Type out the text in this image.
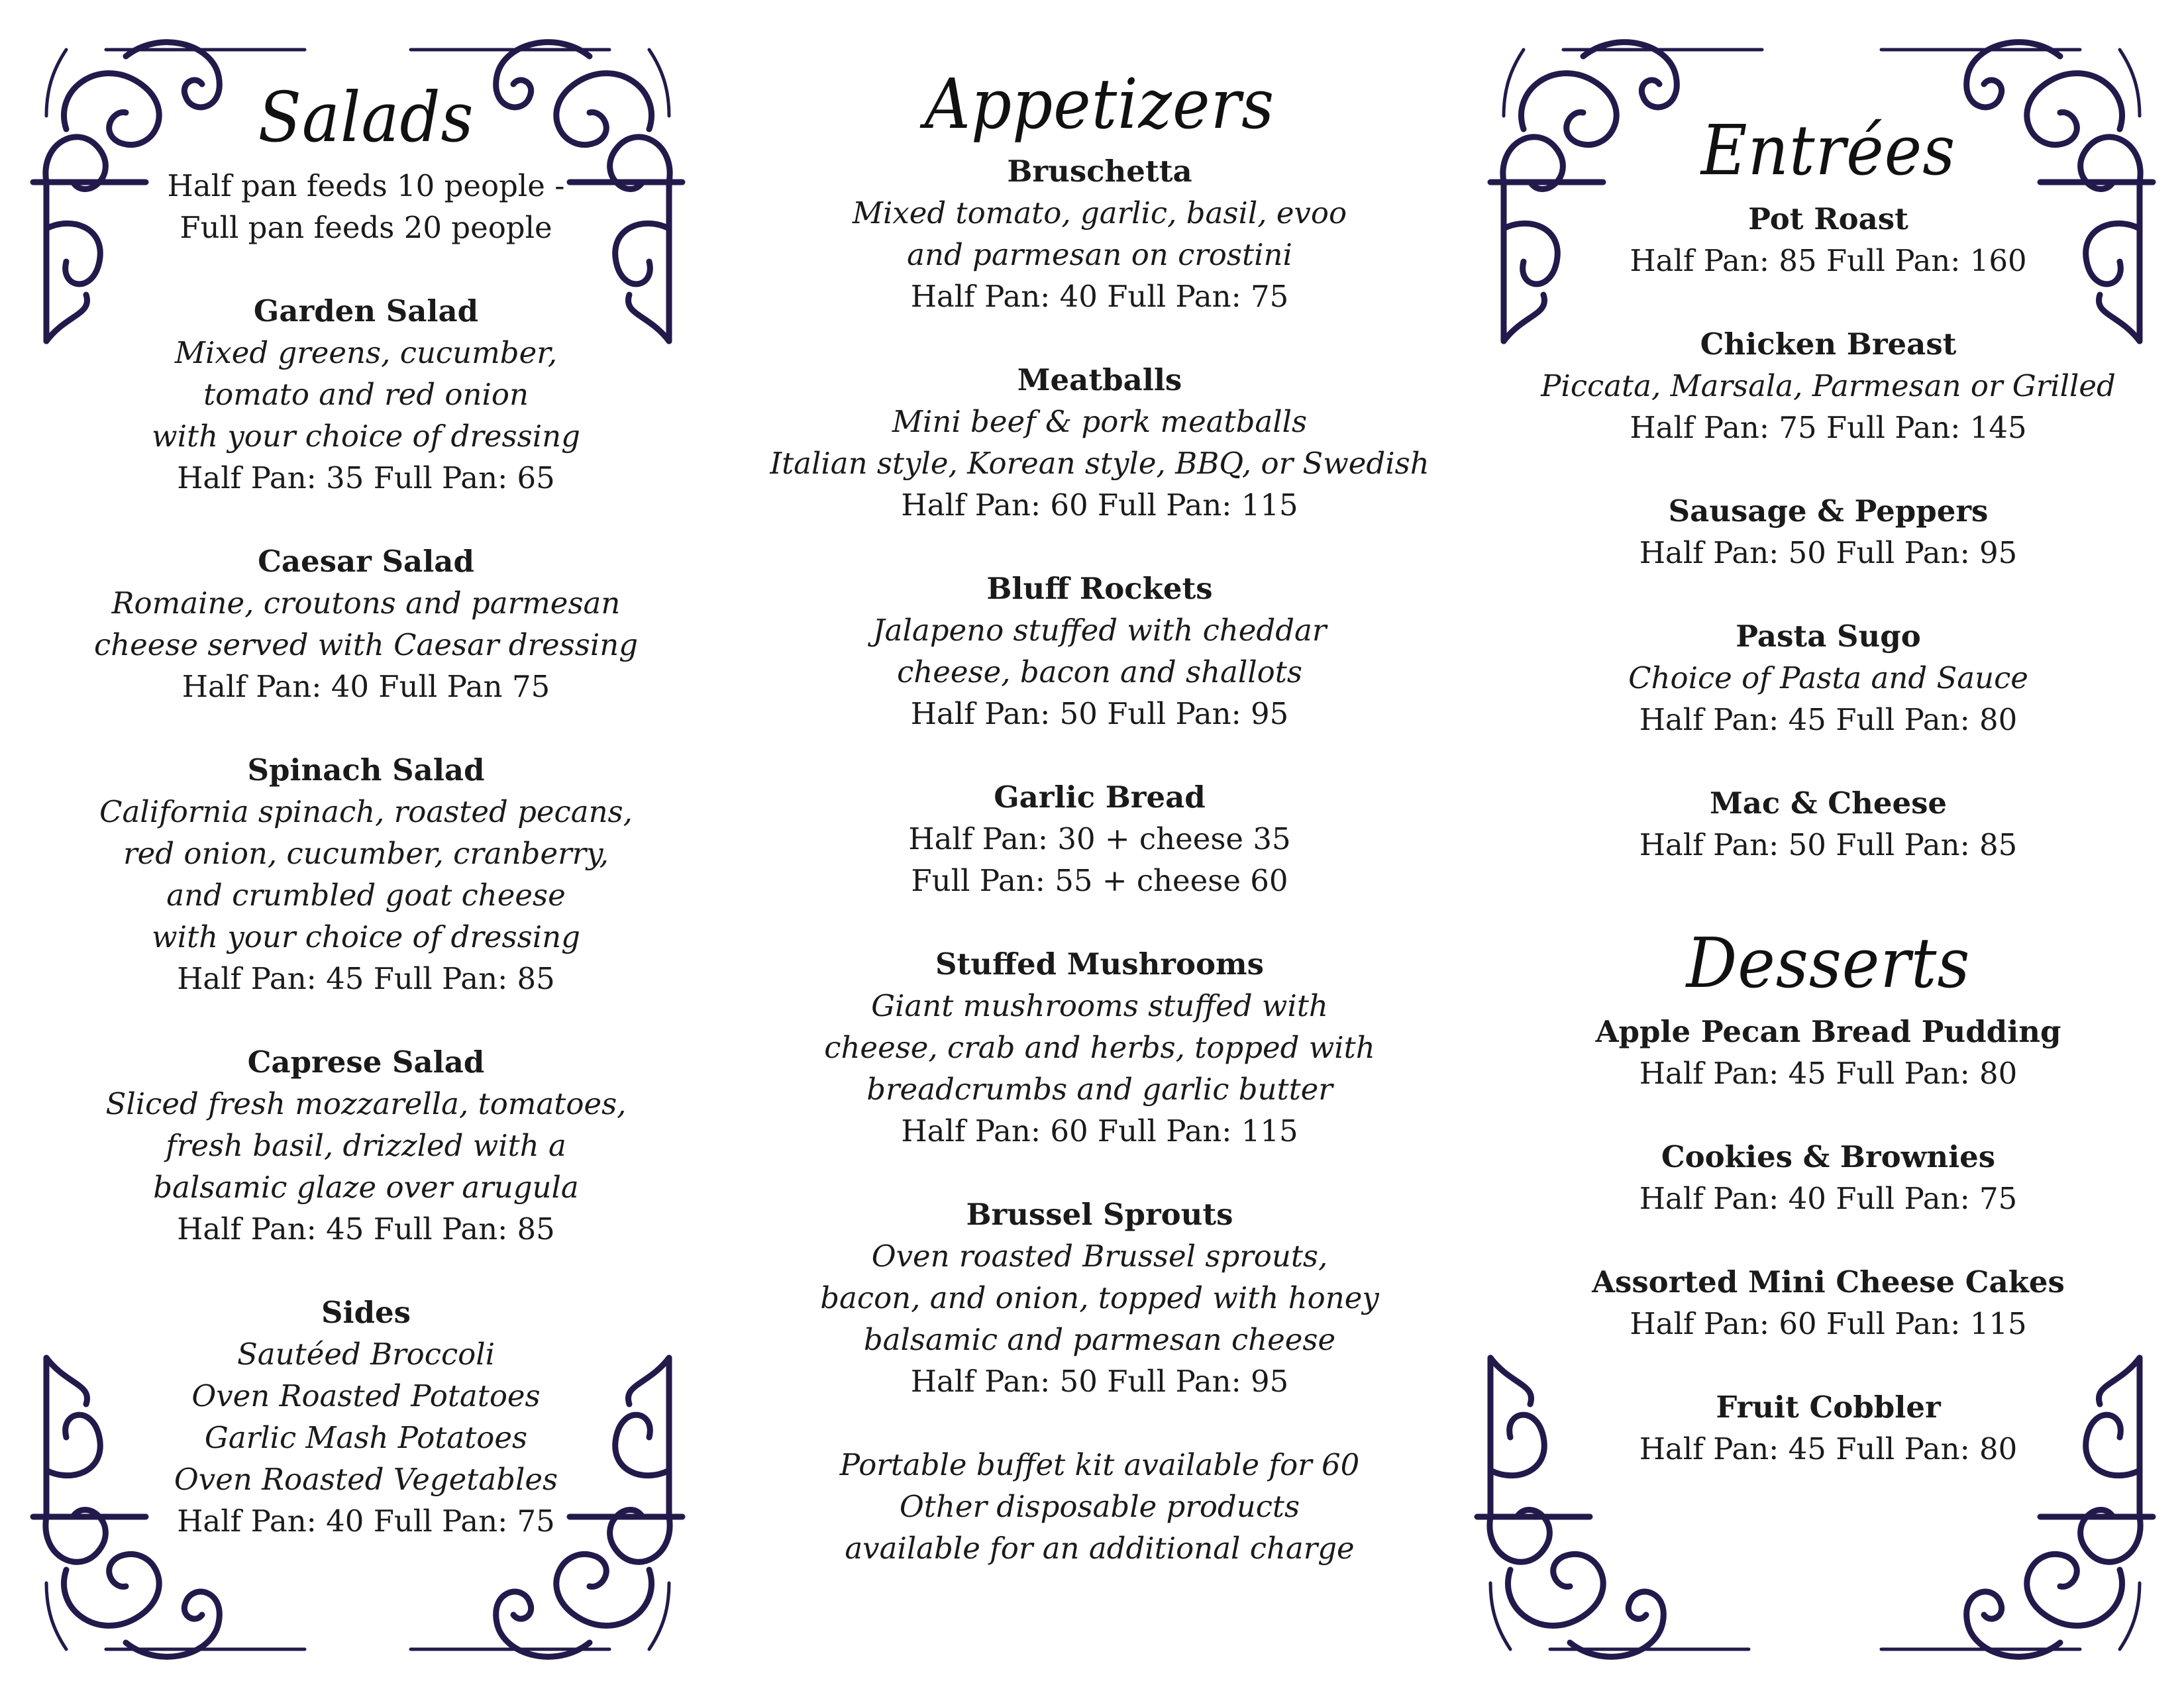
Salads
Half pan feeds 10 people -
Full pan feeds 20 people
Garden Salad
Mixed greens, cucumber,
tomato and red onion
with your choice of dressing
Half Pan: 35 Full Pan: 65
Caesar Salad
Romaine, croutons and parmesan
cheese served with Caesar dressing
Half Pan: 40 Full Pan 75
Spinach Salad
California spinach, roasted pecans,
red onion, cucumber, cranberry,
and crumbled goat cheese
with your choice of dressing
Half Pan: 45 Full Pan: 85
Caprese Salad
Sliced fresh mozzarella, tomatoes,
fresh basil, drizzled with a
balsamic glaze over arugula
Half Pan: 45 Full Pan: 85
Sides
Sautéed Broccoli
Oven Roasted Potatoes
Garlic Mash Potatoes
Oven Roasted Vegetables
Half Pan: 40 Full Pan: 75
Appetizers
Bruschetta
Mixed tomato, garlic, basil, evoo
and parmesan on crostini
Half Pan: 40 Full Pan: 75
Meatballs
Mini beef & pork meatballs
Italian style, Korean style, BBQ, or Swedish
Half Pan: 60 Full Pan: 115
Bluff Rockets
Jalapeno stuffed with cheddar
cheese, bacon and shallots
Half Pan: 50 Full Pan: 95
Garlic Bread
Half Pan: 30 + cheese 35
Full Pan: 55 + cheese 60
Stuffed Mushrooms
Giant mushrooms stuffed with
cheese, crab and herbs, topped with
breadcrumbs and garlic butter
Half Pan: 60 Full Pan: 115
Brussel Sprouts
Oven roasted Brussel sprouts,
bacon, and onion, topped with honey
balsamic and parmesan cheese
Half Pan: 50 Full Pan: 95
Portable buffet kit available for 60
Other disposable products
available for an additional charge
Entrées
Pot Roast
Half Pan: 85 Full Pan: 160
Chicken Breast
Piccata, Marsala, Parmesan or Grilled
Half Pan: 75 Full Pan: 145
Sausage & Peppers
Half Pan: 50 Full Pan: 95
Pasta Sugo
Choice of Pasta and Sauce
Half Pan: 45 Full Pan: 80
Mac & Cheese
Half Pan: 50 Full Pan: 85
Desserts
Apple Pecan Bread Pudding
Half Pan: 45 Full Pan: 80
Cookies & Brownies
Half Pan: 40 Full Pan: 75
Assorted Mini Cheese Cakes
Half Pan: 60 Full Pan: 115
Fruit Cobbler
Half Pan: 45 Full Pan: 80
